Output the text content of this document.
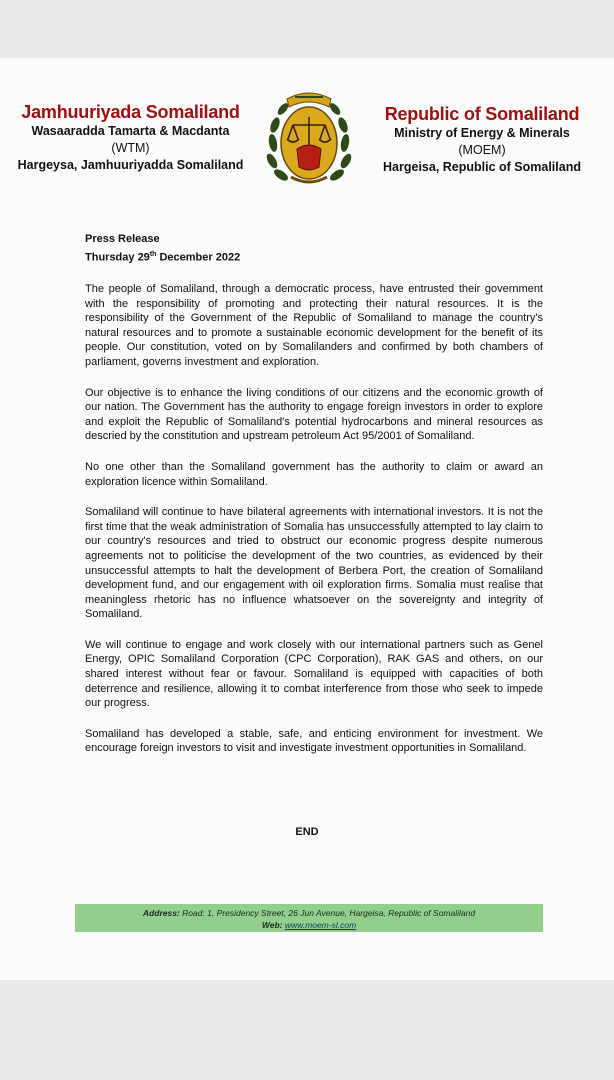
Jamhuuriyada Somaliland
Wasaaradda Tamarta & Macdanta
(WTM)
Hargeysa, Jamhuuriyadda Somaliland
Republic of Somaliland
Ministry of Energy & Minerals
(MOEM)
Hargeisa, Republic of Somaliland
Press Release
Thursday 29th December 2022

The people of Somaliland, through a democratic process, have entrusted their government with the responsibility of promoting and protecting their natural resources. It is the responsibility of the Government of the Republic of Somaliland to manage the country's natural resources and to promote a sustainable economic development for the benefit of its people. Our constitution, voted on by Somalilanders and confirmed by both chambers of parliament, governs investment and exploration.

Our objective is to enhance the living conditions of our citizens and the economic growth of our nation. The Government has the authority to engage foreign investors in order to explore and exploit the Republic of Somaliland's potential hydrocarbons and mineral resources as descried by the constitution and upstream petroleum Act 95/2001 of Somaliland.

No one other than the Somaliland government has the authority to claim or award an exploration licence within Somaliland.

Somaliland will continue to have bilateral agreements with international investors. It is not the first time that the weak administration of Somalia has unsuccessfully attempted to lay claim to our country's resources and tried to obstruct our economic progress despite numerous agreements not to politicise the development of the two countries, as evidenced by their unsuccessful attempts to halt the development of Berbera Port, the creation of Somaliland development fund, and our engagement with oil exploration firms. Somalia must realise that meaningless rhetoric has no influence whatsoever on the sovereignty and integrity of Somaliland.

We will continue to engage and work closely with our international partners such as Genel Energy, OPIC Somaliland Corporation (CPC Corporation), RAK GAS and others, on our shared interest without fear or favour. Somaliland is equipped with capacities of both deterrence and resilience, allowing it to combat interference from those who seek to impede our progress.

Somaliland has developed a stable, safe, and enticing environment for investment. We encourage foreign investors to visit and investigate investment opportunities in Somaliland.

END
Address: Road: 1, Presidency Street, 26 Jun Avenue, Hargeisa, Republic of Somaliland
Web: www.moem-sl.com
